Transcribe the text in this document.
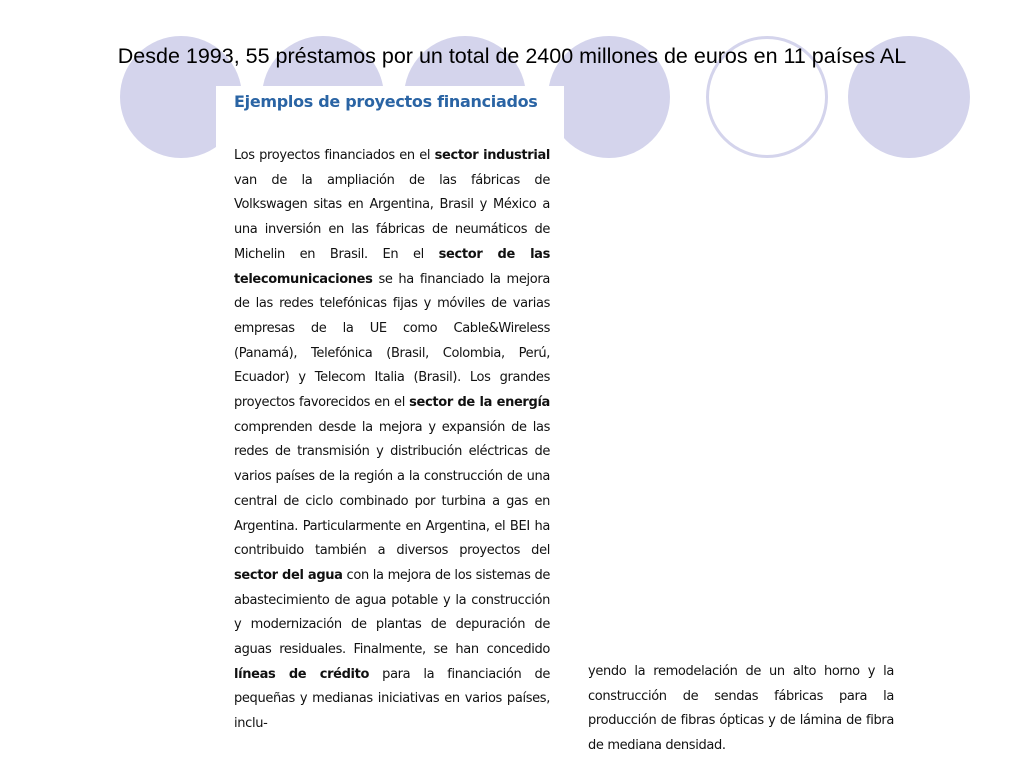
Desde 1993, 55 préstamos por un total de 2400 millones de euros en 11 países AL
Ejemplos de proyectos financiados
Los proyectos financiados en el sector industrial van de la ampliación de las fábricas de Volkswagen sitas en Argentina, Brasil y México a una inversión en las fábricas de neumáticos de Michelin en Brasil. En el sector de las telecomunicaciones se ha financiado la mejora de las redes telefónicas fijas y móviles de varias empresas de la UE como Cable&Wireless (Panamá), Telefónica (Brasil, Colombia, Perú, Ecuador) y Telecom Italia (Brasil). Los grandes proyectos favorecidos en el sector de la energía comprenden desde la mejora y expansión de las redes de transmisión y distribución eléctricas de varios países de la región a la construcción de una central de ciclo combinado por turbina a gas en Argentina. Particularmente en Argentina, el BEI ha contribuido también a diversos proyectos del sector del agua con la mejora de los sistemas de abastecimiento de agua potable y la construcción y modernización de plantas de depuración de aguas residuales. Finalmente, se han concedido líneas de crédito para la financiación de pequeñas y medianas iniciativas en varios países, inclu-
yendo la remodelación de un alto horno y la construcción de sendas fábricas para la producción de fibras ópticas y de lámina de fibra de mediana densidad.
